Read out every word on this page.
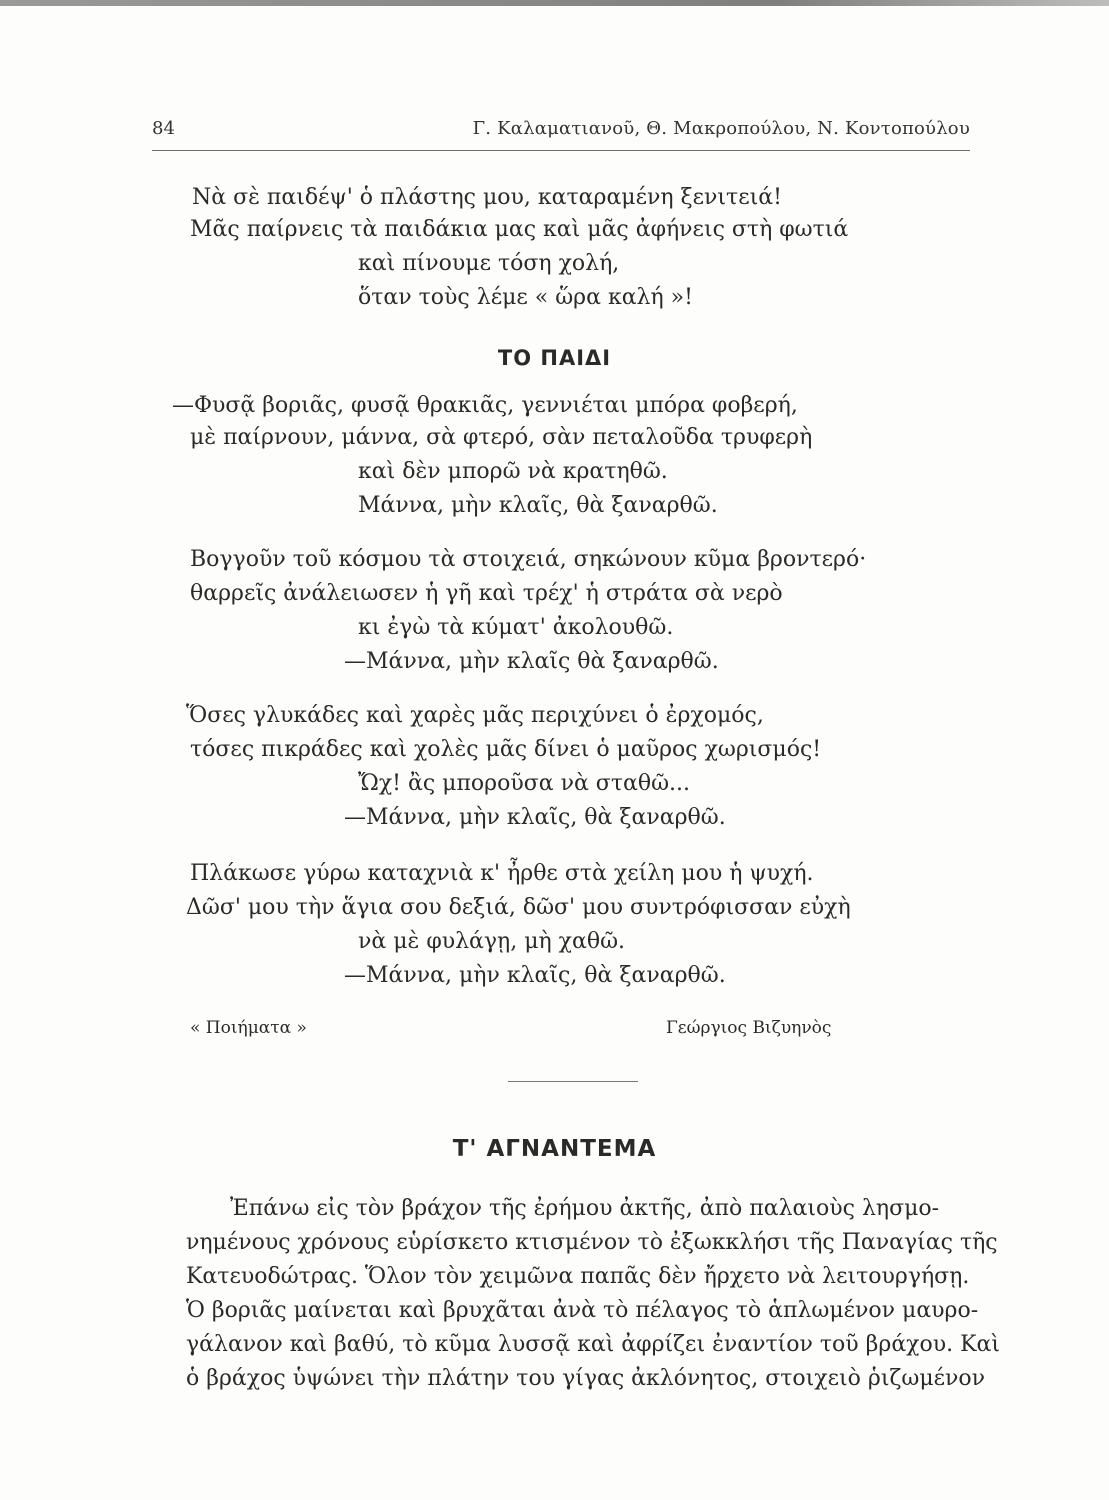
84	Γ. Καλαματιανοῦ, Θ. Μακροπούλου, Ν. Κοντοπούλου
Νὰ σὲ παιδέψ' ὁ πλάστης μου, καταραμένη ξενιτειά!
Μᾶς παίρνεις τὰ παιδάκια μας καὶ μᾶς ἀφήνεις στὴ φωτιά
καὶ πίνουμε τόση χολή,
ὅταν τοὺς λέμε « ὥρα καλή »!
ΤΟ ΠΑΙΔΙ
—Φυσᾷ βοριᾶς, φυσᾷ θρακιᾶς, γεννιέται μπόρα φοβερή,
μὲ παίρνουν, μάννα, σὰ φτερό, σὰν πεταλοῦδα τρυφερὴ
καὶ δὲν μπορῶ νὰ κρατηθῶ.
Μάννα, μὴν κλαῖς, θὰ ξαναρθῶ.
Βογγοῦν τοῦ κόσμου τὰ στοιχειά, σηκώνουν κῦμα βροντερό·
θαρρεῖς ἀνάλειωσεν ἡ γῆ καὶ τρέχ' ἡ στράτα σὰ νερὸ
κι ἐγὼ τὰ κύματ' ἀκολουθῶ.
—Μάννα, μὴν κλαῖς θὰ ξαναρθῶ.
Ὅσες γλυκάδες καὶ χαρὲς μᾶς περιχύνει ὁ ἐρχομός,
τόσες πικράδες καὶ χολὲς μᾶς δίνει ὁ μαῦρος χωρισμός!
Ὤχ! ἂς μποροῦσα νὰ σταθῶ...
—Μάννα, μὴν κλαῖς, θὰ ξαναρθῶ.
Πλάκωσε γύρω καταχνιὰ κ' ἦρθε στὰ χείλη μου ἡ ψυχή.
Δῶσ' μου τὴν ἅγια σου δεξιά, δῶσ' μου συντρόφισσαν εὐχὴ
νὰ μὲ φυλάγῃ, μὴ χαθῶ.
—Μάννα, μὴν κλαῖς, θὰ ξαναρθῶ.
« Ποιήματα »	Γεώργιος Βιζυηνὸς
Τ' ΑΓΝΑΝΤΕΜΑ
Ἐπάνω εἰς τὸν βράχον τῆς ἐρήμου ἀκτῆς, ἀπὸ παλαιοὺς λησμο-
νημένους χρόνους εὑρίσκετο κτισμένον τὸ ἐξωκκλήσι τῆς Παναγίας τῆς
Κατευοδώτρας. Ὅλον τὸν χειμῶνα παπᾶς δὲν ἤρχετο νὰ λειτουργήσῃ.
Ὁ βοριᾶς μαίνεται καὶ βρυχᾶται ἀνὰ τὸ πέλαγος τὸ ἁπλωμένον μαυρο-
γάλανον καὶ βαθύ, τὸ κῦμα λυσσᾷ καὶ ἀφρίζει ἐναντίον τοῦ βράχου. Καὶ
ὁ βράχος ὑψώνει τὴν πλάτην του γίγας ἀκλόνητος, στοιχειὸ ῥιζωμένον
